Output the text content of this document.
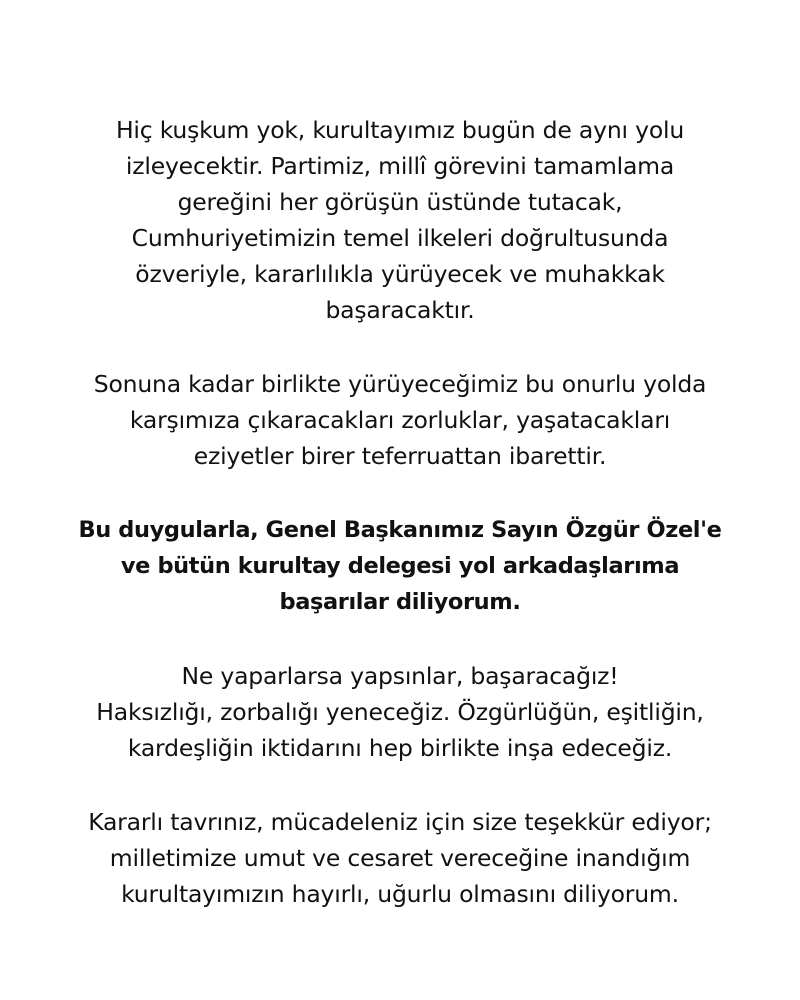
Hiç kuşkum yok, kurultayımız bugün de aynı yolu
izleyecektir. Partimiz, millî görevini tamamlama
gereğini her görüşün üstünde tutacak,
Cumhuriyetimizin temel ilkeleri doğrultusunda
özveriyle, kararlılıkla yürüyecek ve muhakkak
başaracaktır.

Sonuna kadar birlikte yürüyeceğimiz bu onurlu yolda
karşımıza çıkaracakları zorluklar, yaşatacakları
eziyetler birer teferruattan ibarettir.

Bu duygularla, Genel Başkanımız Sayın Özgür Özel'e
ve bütün kurultay delegesi yol arkadaşlarıma
başarılar diliyorum.

Ne yaparlarsa yapsınlar, başaracağız!
Haksızlığı, zorbalığı yeneceğiz. Özgürlüğün, eşitliğin,
kardeşliğin iktidarını hep birlikte inşa edeceğiz.

Kararlı tavrınız, mücadeleniz için size teşekkür ediyor;
milletimize umut ve cesaret vereceğine inandığım
kurultayımızın hayırlı, uğurlu olmasını diliyorum.
